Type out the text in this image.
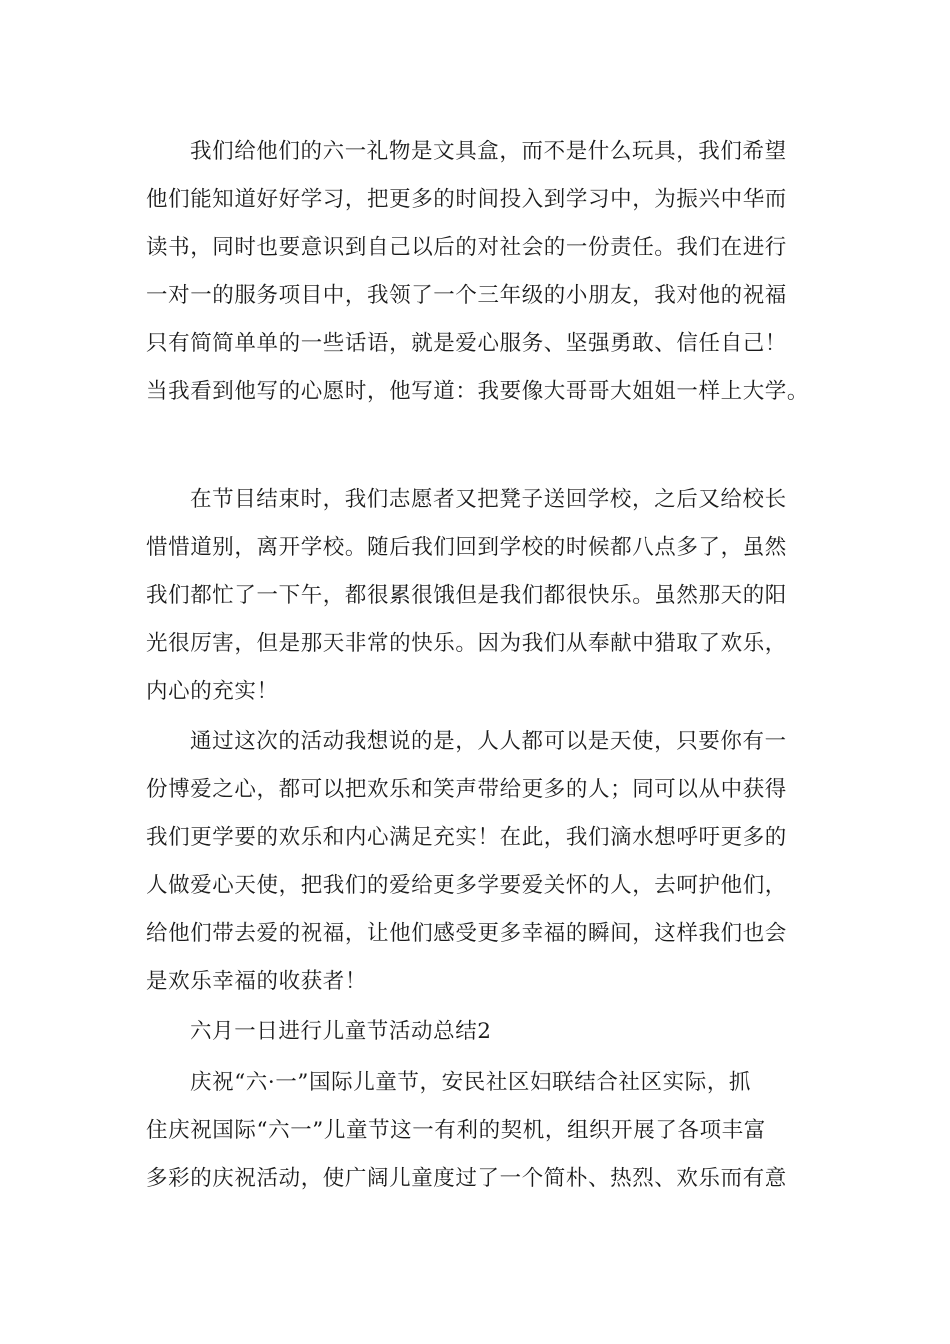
我们给他们的六一礼物是文具盒，而不是什么玩具，我们希望
他们能知道好好学习，把更多的时间投入到学习中，为振兴中华而
读书，同时也要意识到自己以后的对社会的一份责任。我们在进行
一对一的服务项目中，我领了一个三年级的小朋友，我对他的祝福
只有简简单单的一些话语，就是爱心服务、坚强勇敢、信任自己！
当我看到他写的心愿时，他写道：我要像大哥哥大姐姐一样上大学。
在节目结束时，我们志愿者又把凳子送回学校，之后又给校长
惜惜道别，离开学校。随后我们回到学校的时候都八点多了，虽然
我们都忙了一下午，都很累很饿但是我们都很快乐。虽然那天的阳
光很厉害，但是那天非常的快乐。因为我们从奉献中猎取了欢乐，
内心的充实！
通过这次的活动我想说的是，人人都可以是天使，只要你有一
份博爱之心，都可以把欢乐和笑声带给更多的人；同可以从中获得
我们更学要的欢乐和内心满足充实！在此，我们滴水想呼吁更多的
人做爱心天使，把我们的爱给更多学要爱关怀的人，去呵护他们，
给他们带去爱的祝福，让他们感受更多幸福的瞬间，这样我们也会
是欢乐幸福的收获者！
六月一日进行儿童节活动总结2
庆祝“六·一”国际儿童节，安民社区妇联结合社区实际，抓
住庆祝国际“六一”儿童节这一有利的契机，组织开展了各项丰富
多彩的庆祝活动，使广阔儿童度过了一个简朴、热烈、欢乐而有意
